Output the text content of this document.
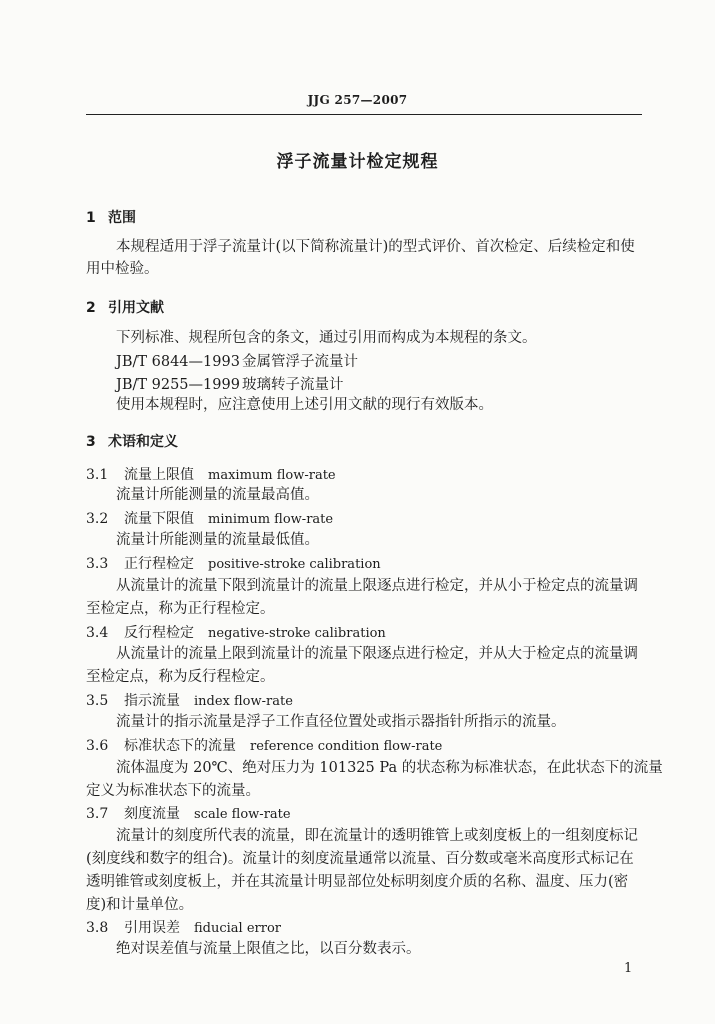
JJG 257—2007
浮子流量计检定规程
1 范围
本规程适用于浮子流量计(以下简称流量计)的型式评价、首次检定、后续检定和使
用中检验。
2 引用文献
下列标准、规程所包含的条文，通过引用而构成为本规程的条文。
JB/T 6844—1993 金属管浮子流量计
JB/T 9255—1999 玻璃转子流量计
使用本规程时，应注意使用上述引用文献的现行有效版本。
3 术语和定义
3.1 流量上限值 maximum flow-rate
流量计所能测量的流量最高值。
3.2 流量下限值 minimum flow-rate
流量计所能测量的流量最低值。
3.3 正行程检定 positive-stroke calibration
从流量计的流量下限到流量计的流量上限逐点进行检定，并从小于检定点的流量调
至检定点，称为正行程检定。
3.4 反行程检定 negative-stroke calibration
从流量计的流量上限到流量计的流量下限逐点进行检定，并从大于检定点的流量调
至检定点，称为反行程检定。
3.5 指示流量 index flow-rate
流量计的指示流量是浮子工作直径位置处或指示器指针所指示的流量。
3.6 标准状态下的流量 reference condition flow-rate
流体温度为 20℃、绝对压力为 101325 Pa 的状态称为标准状态，在此状态下的流量
定义为标准状态下的流量。
3.7 刻度流量 scale flow-rate
流量计的刻度所代表的流量，即在流量计的透明锥管上或刻度板上的一组刻度标记
(刻度线和数字的组合)。流量计的刻度流量通常以流量、百分数或毫米高度形式标记在
透明锥管或刻度板上，并在其流量计明显部位处标明刻度介质的名称、温度、压力(密
度)和计量单位。
3.8 引用误差 fiducial error
绝对误差值与流量上限值之比，以百分数表示。
1
